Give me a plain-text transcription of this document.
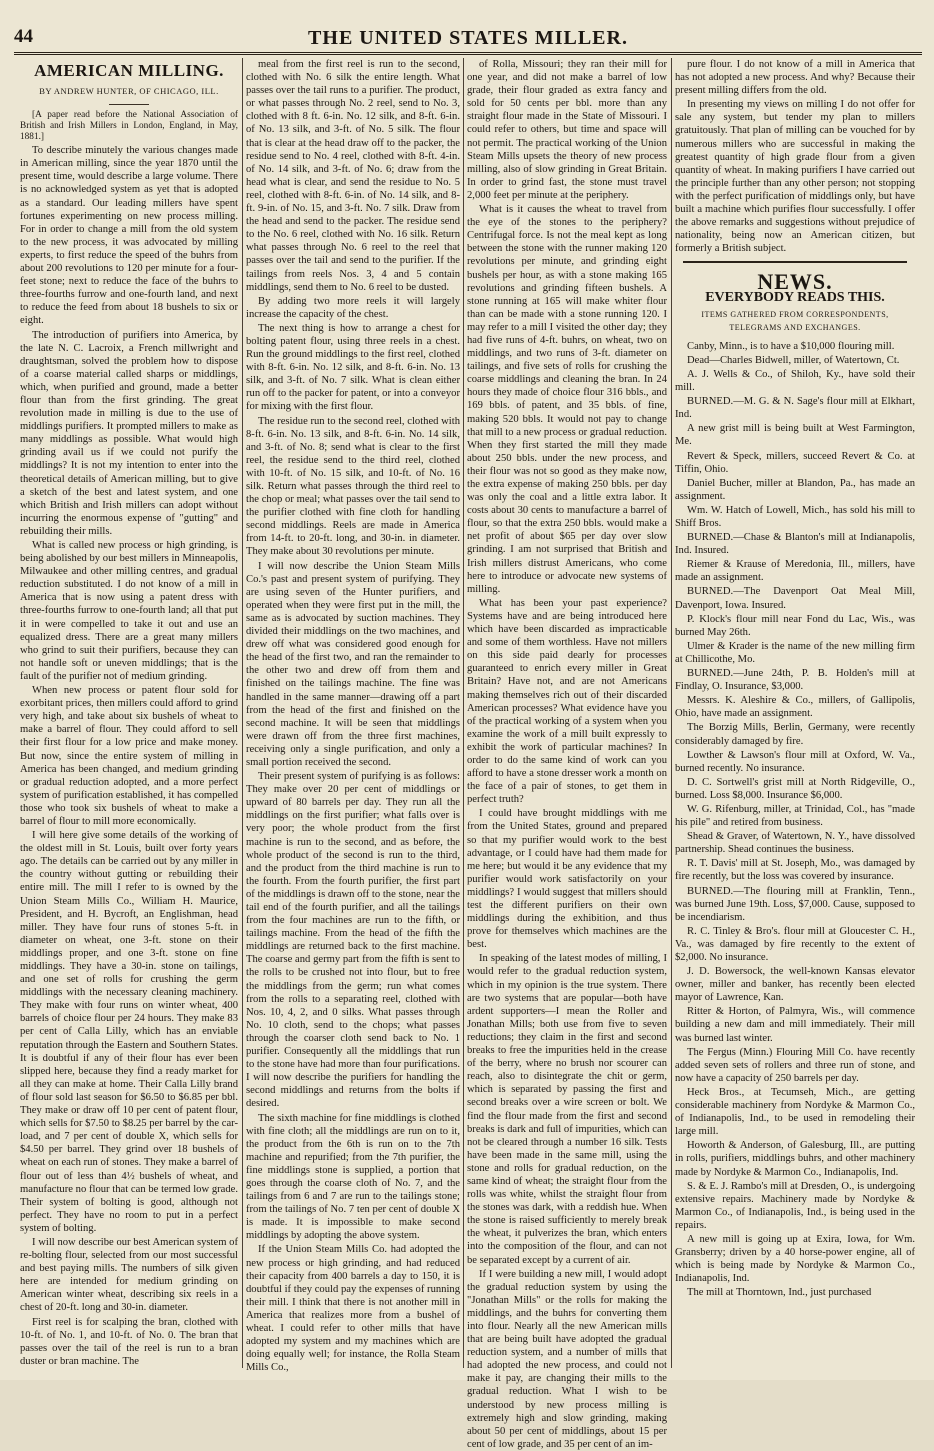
44	THE UNITED STATES MILLER.
AMERICAN MILLING.
BY ANDREW HUNTER, OF CHICAGO, ILL.

[A paper read before the National Association of British and Irish Millers in London, England, in May, 1881.]

To describe minutely the various changes made in American milling, since the year 1870 until the present time, would describe a large volume. There is no acknowledged system as yet that is adopted as a standard. Our leading millers have spent fortunes experimenting on new process milling. For in order to change a mill from the old system to the new process, it was advocated by milling experts, to first reduce the speed of the buhrs from about 200 revolutions to 120 per minute for a four-feet stone; next to reduce the face of the buhrs to three-fourths furrow and one-fourth land, and next to reduce the feed from about 18 bushels to six or eight.

The introduction of purifiers into America, by the late N. C. Lacroix, a French millwright and draughtsman, solved the problem how to dispose of a coarse material called sharps or middlings, which, when purified and ground, made a better flour than from the first grinding. The great revolution made in milling is due to the use of middlings purifiers. It prompted millers to make as many middlings as possible. What would high grinding avail us if we could not purify the middlings? It is not my intention to enter into the theoretical details of American milling, but to give a sketch of the best and latest system, and one which British and Irish millers can adopt without incurring the enormous expense of "gutting" and rebuilding their mills.

What is called new process or high grinding, is being abolished by our best millers in Minneapolis, Milwaukee and other milling centres, and gradual reduction substituted. I do not know of a mill in America that is now using a patent dress with three-fourths furrow to one-fourth land; all that put it in were compelled to take it out and use an equalized dress. There are a great many millers who grind to suit their purifiers, because they can not handle soft or uneven middlings; that is the fault of the purifier not of medium grinding.

When new process or patent flour sold for exorbitant prices, then millers could afford to grind very high, and take about six bushels of wheat to make a barrel of flour. They could afford to sell their first flour for a low price and make money. But now, since the entire system of milling in America has been changed, and medium grinding or gradual reduction adopted, and a more perfect system of purification established, it has compelled those who took six bushels of wheat to make a barrel of flour to mill more economically.

I will here give some details of the working of the oldest mill in St. Louis, built over forty years ago. The details can be carried out by any miller in the country without gutting or rebuilding their entire mill. The mill I refer to is owned by the Union Steam Mills Co., William H. Maurice, President, and H. Bycroft, an Englishman, head miller. They have four runs of stones 5-ft. in diameter on wheat, one 3-ft. stone on their middlings proper, and one 3-ft. stone on fine middlings. They have a 30-in. stone on tailings, and one set of rolls for crushing the germ middlings with the necessary cleaning machinery. They make with four runs on winter wheat, 400 barrels of choice flour per 24 hours. They make 83 per cent of Calla Lilly, which has an enviable reputation through the Eastern and Southern States. It is doubtful if any of their flour has ever been slipped here, because they find a ready market for all they can make at home. Their Calla Lilly brand of flour sold last season for $6.50 to $6.85 per bbl. They make or draw off 10 per cent of patent flour, which sells for $7.50 to $8.25 per barrel by the car-load, and 7 per cent of double X, which sells for $4.50 per barrel. They grind over 18 bushels of wheat on each run of stones. They make a barrel of flour out of less than 4½ bushels of wheat, and manufacture no flour that can be termed low grade. Their system of bolting is good, although not perfect. They have no room to put in a perfect system of bolting.

I will now describe our best American system of re-bolting flour, selected from our most successful and best paying mills. The numbers of silk given here are intended for medium grinding on American winter wheat, describing six reels in a chest of 20-ft. long and 30-in. diameter.

First reel is for scalping the bran, clothed with 10-ft. of No. 1, and 10-ft. of No. 0. The bran that passes over the tail of the reel is run to a bran duster or bran machine. The

meal from the first reel is run to the second, clothed with No. 6 silk the entire length. What passes over the tail runs to a purifier. The product, or what passes through No. 2 reel, send to No. 3, clothed with 8 ft. 6-in. No. 12 silk, and 8-ft. 6-in. of No. 13 silk, and 3-ft. of No. 5 silk. The flour that is clear at the head draw off to the packer, the residue send to No. 4 reel, clothed with 8-ft. 4-in. of No. 14 silk, and 3-ft. of No. 6; draw from the head what is clear, and send the residue to No. 5 reel, clothed with 8-ft. 6-in. of No. 14 silk, and 8-ft. 9-in. of No. 15, and 3-ft. No. 7 silk. Draw from the head and send to the packer. The residue send to the No. 6 reel, clothed with No. 16 silk. Return what passes through No. 6 reel to the reel that passes over the tail and send to the purifier. If the tailings from reels Nos. 3, 4 and 5 contain middlings, send them to No. 6 reel to be dusted.

By adding two more reels it will largely increase the capacity of the chest.

The next thing is how to arrange a chest for bolting patent flour, using three reels in a chest. Run the ground middlings to the first reel, clothed with 8-ft. 6-in. No. 12 silk, and 8-ft. 6-in. No. 13 silk, and 3-ft. of No. 7 silk. What is clean either run off to the packer for patent, or into a conveyor for mixing with the first flour.

The residue run to the second reel, clothed with 8-ft. 6-in. No. 13 silk, and 8-ft. 6-in. No. 14 silk, and 3-ft. of No. 8; send what is clear to the first reel, the residue send to the third reel, clothed with 10-ft. of No. 15 silk, and 10-ft. of No. 16 silk. Return what passes through the third reel to the chop or meal; what passes over the tail send to the purifier clothed with fine cloth for handling second middlings. Reels are made in America from 14-ft. to 20-ft. long, and 30-in. in diameter. They make about 30 revolutions per minute.

I will now describe the Union Steam Mills Co.'s past and present system of purifying. They are using seven of the Hunter purifiers, and operated when they were first put in the mill, the same as is advocated by suction machines. They divided their middlings on the two machines, and drew off what was considered good enough for the head of the first two, and ran the remainder to the other two and drew off from them and finished on the tailings machine. The fine was handled in the same manner—drawing off a part from the head of the first and finished on the second machine. It will be seen that middlings were drawn off from the three first machines, receiving only a single purification, and only a small portion received the second.

Their present system of purifying is as follows: They make over 20 per cent of middlings or upward of 80 barrels per day. They run all the middlings on the first purifier; what falls over is very poor; the whole product from the first machine is run to the second, and as before, the whole product of the second is run to the third, and the product from the third machine is run to the fourth. From the fourth purifier, the first part of the middlings is drawn off to the stone, near the tail end of the fourth purifier, and all the tailings from the four machines are run to the fifth, or tailings machine. From the head of the fifth the middlings are returned back to the first machine. The coarse and germy part from the fifth is sent to the rolls to be crushed not into flour, but to free the middlings from the germ; run what comes from the rolls to a separating reel, clothed with Nos. 10, 4, 2, and 0 silks. What passes through No. 10 cloth, send to the chops; what passes through the coarser cloth send back to No. 1 purifier. Consequently all the middlings that run to the stone have had more than four purifications. I will now describe the purifiers for handling the second middlings and returns from the bolts if desired.

The sixth machine for fine middlings is clothed with fine cloth; all the middlings are run on to it, the product from the 6th is run on to the 7th machine and repurified; from the 7th purifier, the fine middlings stone is supplied, a portion that goes through the coarse cloth of No. 7, and the tailings from 6 and 7 are run to the tailings stone; from the tailings of No. 7 ten per cent of double X is made. It is impossible to make second middlings by adopting the above system.

If the Union Steam Mills Co. had adopted the new process or high grinding, and had reduced their capacity from 400 barrels a day to 150, it is doubtful if they could pay the expenses of running their mill. I think that there is not another mill in America that realizes more from a bushel of wheat. I could refer to other mills that have adopted my system and my machines which are doing equally well; for instance, the Rolla Steam Mills Co.,

of Rolla, Missouri; they ran their mill for one year, and did not make a barrel of low grade, their flour graded as extra fancy and sold for 50 cents per bbl. more than any straight flour made in the State of Missouri. I could refer to others, but time and space will not permit. The practical working of the Union Steam Mills upsets the theory of new process milling, also of slow grinding in Great Britain. In order to grind fast, the stone must travel 2,000 feet per minute at the periphery.

What is it causes the wheat to travel from the eye of the stones to the periphery? Centrifugal force. Is not the meal kept as long between the stone with the runner making 120 revolutions per minute, and grinding eight bushels per hour, as with a stone making 165 revolutions and grinding fifteen bushels. A stone running at 165 will make whiter flour than can be made with a stone running 120. I may refer to a mill I visited the other day; they had five runs of 4-ft. buhrs, on wheat, two on middlings, and two runs of 3-ft. diameter on tailings, and five sets of rolls for crushing the coarse middlings and cleaning the bran. In 24 hours they made of choice flour 316 bbls., and 169 bbls. of patent, and 35 bbls. of fine, making 520 bbls. It would not pay to change that mill to a new process or gradual reduction. When they first started the mill they made about 250 bbls. under the new process, and their flour was not so good as they make now, the extra expense of making 250 bbls. per day was only the coal and a little extra labor. It costs about 30 cents to manufacture a barrel of flour, so that the extra 250 bbls. would make a net profit of about $65 per day over slow grinding. I am not surprised that British and Irish millers distrust Americans, who come here to introduce or advocate new systems of milling.

What has been your past experience? Systems have and are being introduced here which have been discarded as impracticable and some of them worthless. Have not millers on this side paid dearly for processes guaranteed to enrich every miller in Great Britain? Have not, and are not Americans making themselves rich out of their discarded American processes? What evidence have you of the practical working of a system when you examine the work of a mill built expressly to exhibit the work of particular machines? In order to do the same kind of work can you afford to have a stone dresser work a month on the face of a pair of stones, to get them in perfect truth?

I could have brought middlings with me from the United States, ground and prepared so that my purifier would work to the best advantage, or I could have had them made for me here; but would it be any evidence that my purifier would work satisfactorily on your middlings? I would suggest that millers should test the different purifiers on their own middlings during the exhibition, and thus prove for themselves which machines are the best.

In speaking of the latest modes of milling, I would refer to the gradual reduction system, which in my opinion is the true system. There are two systems that are popular—both have ardent supporters—I mean the Roller and Jonathan Mills; both use from five to seven reductions; they claim in the first and second breaks to free the impurities held in the crease of the berry, where no brush nor scourer can reach, also to disintegrate the chit or germ, which is separated by passing the first and second breaks over a wire screen or bolt. We find the flour made from the first and second breaks is dark and full of impurities, which can not be cleared through a number 16 silk. Tests have been made in the same mill, using the stone and rolls for gradual reduction, on the same kind of wheat; the straight flour from the rolls was white, whilst the straight flour from the stones was dark, with a reddish hue. When the stone is raised sufficiently to merely break the wheat, it pulverizes the bran, which enters into the composition of the flour, and can not be separated except by a current of air.

If I were building a new mill, I would adopt the gradual reduction system by using the "Jonathan Mills" or the rolls for making the middlings, and the buhrs for converting them into flour. Nearly all the new American mills that are being built have adopted the gradual reduction system, and a number of mills that had adopted the new process, and could not make it pay, are changing their mills to the gradual reduction. What I wish to be understood by new process milling is extremely high and slow grinding, making about 50 per cent of middlings, about 15 per cent of low grade, and 35 per cent of an im-

pure flour. I do not know of a mill in America that has not adopted a new process. And why? Because their present milling differs from the old.

In presenting my views on milling I do not offer for sale any system, but tender my plan to millers gratuitously. That plan of milling can be vouched for by numerous millers who are successful in making the greatest quantity of high grade flour from a given quantity of wheat. In making purifiers I have carried out the principle further than any other person; not stopping with the perfect purification of middlings only, but have built a machine which purifies flour successfully. I offer the above remarks and suggestions without prejudice of nationality, being now an American citizen, but formerly a British subject.

NEWS.
EVERYBODY READS THIS.
ITEMS GATHERED FROM CORRESPONDENTS, TELEGRAMS AND EXCHANGES.

Canby, Minn., is to have a $10,000 flouring mill.

Dead—Charles Bidwell, miller, of Watertown, Ct.

A. J. Wells & Co., of Shiloh, Ky., have sold their mill.

BURNED.—M. G. & N. Sage's flour mill at Elkhart, Ind.

A new grist mill is being built at West Farmington, Me.

Revert & Speck, millers, succeed Revert & Co. at Tiffin, Ohio.

Daniel Bucher, miller at Blandon, Pa., has made an assignment.

Wm. W. Hatch of Lowell, Mich., has sold his mill to Shiff Bros.

BURNED.—Chase & Blanton's mill at Indianapolis, Ind. Insured.

Riemer & Krause of Meredonia, Ill., millers, have made an assignment.

BURNED.—The Davenport Oat Meal Mill, Davenport, Iowa. Insured.

P. Klock's flour mill near Fond du Lac, Wis., was burned May 26th.

Ulmer & Krader is the name of the new milling firm at Chillicothe, Mo.

BURNED.—June 24th, P. B. Holden's mill at Findlay, O. Insurance, $3,000.

Messrs. K. Aleshire & Co., millers, of Gallipolis, Ohio, have made an assignment.

The Borzig Mills, Berlin, Germany, were recently considerably damaged by fire.

Lowther & Lawson's flour mill at Oxford, W. Va., burned recently. No insurance.

D. C. Sortwell's grist mill at North Ridgeville, O., burned. Loss $8,000. Insurance $6,000.

W. G. Rifenburg, miller, at Trinidad, Col., has "made his pile" and retired from business.

Shead & Graver, of Watertown, N. Y., have dissolved partnership. Shead continues the business.

R. T. Davis' mill at St. Joseph, Mo., was damaged by fire recently, but the loss was covered by insurance.

BURNED.—The flouring mill at Franklin, Tenn., was burned June 19th. Loss, $7,000. Cause, supposed to be incendiarism.

R. C. Tinley & Bro's. flour mill at Gloucester C. H., Va., was damaged by fire recently to the extent of $2,000. No insurance.

J. D. Bowersock, the well-known Kansas elevator owner, miller and banker, has recently been elected mayor of Lawrence, Kan.

Ritter & Horton, of Palmyra, Wis., will commence building a new dam and mill immediately. Their mill was burned last winter.

The Fergus (Minn.) Flouring Mill Co. have recently added seven sets of rollers and three run of stone, and now have a capacity of 250 barrels per day.

Heck Bros., at Tecumseh, Mich., are getting considerable machinery from Nordyke & Marmon Co., of Indianapolis, Ind., to be used in remodeling their large mill.

Howorth & Anderson, of Galesburg, Ill., are putting in rolls, purifiers, middlings buhrs, and other machinery made by Nordyke & Marmon Co., Indianapolis, Ind.

S. & E. J. Rambo's mill at Dresden, O., is undergoing extensive repairs. Machinery made by Nordyke & Marmon Co., of Indianapolis, Ind., is being used in the repairs.

A new mill is going up at Exira, Iowa, for Wm. Gransberry; driven by a 40 horse-power engine, all of which is being made by Nordyke & Marmon Co., Indianapolis, Ind.

The mill at Thorntown, Ind., just purchased
